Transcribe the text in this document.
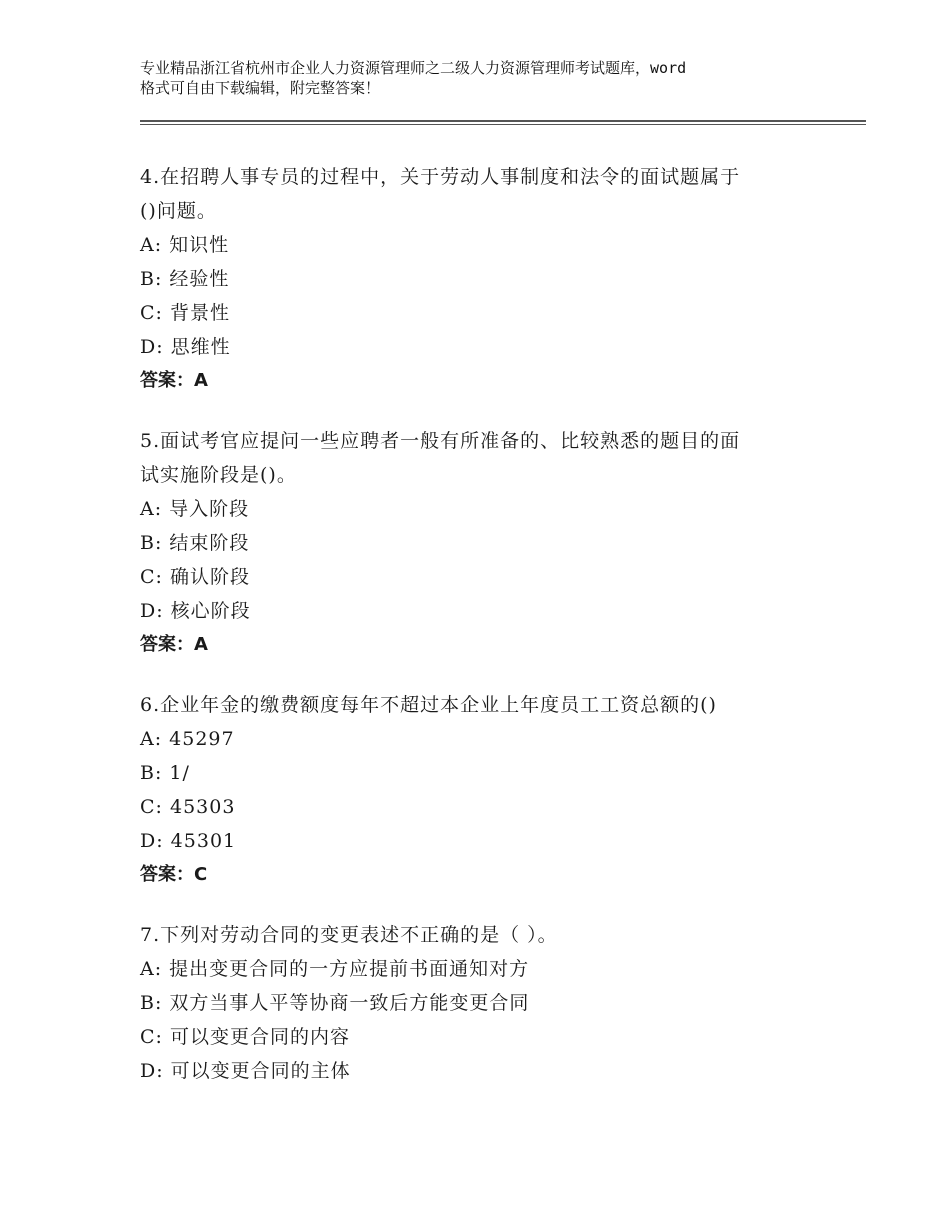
专业精品浙江省杭州市企业人力资源管理师之二级人力资源管理师考试题库，word
格式可自由下载编辑，附完整答案！

4.在招聘人事专员的过程中，关于劳动人事制度和法令的面试题属于

()问题。

A: 知识性

B: 经验性

C: 背景性

D: 思维性

答案：A

5.面试考官应提问一些应聘者一般有所准备的、比较熟悉的题目的面

试实施阶段是()。

A: 导入阶段

B: 结束阶段

C: 确认阶段

D: 核心阶段

答案：A

6.企业年金的缴费额度每年不超过本企业上年度员工工资总额的()

A: 45297

B: 1/

C: 45303

D: 45301

答案：C

7.下列对劳动合同的变更表述不正确的是（ ）。

A: 提出变更合同的一方应提前书面通知对方

B: 双方当事人平等协商一致后方能变更合同

C: 可以变更合同的内容

D: 可以变更合同的主体
